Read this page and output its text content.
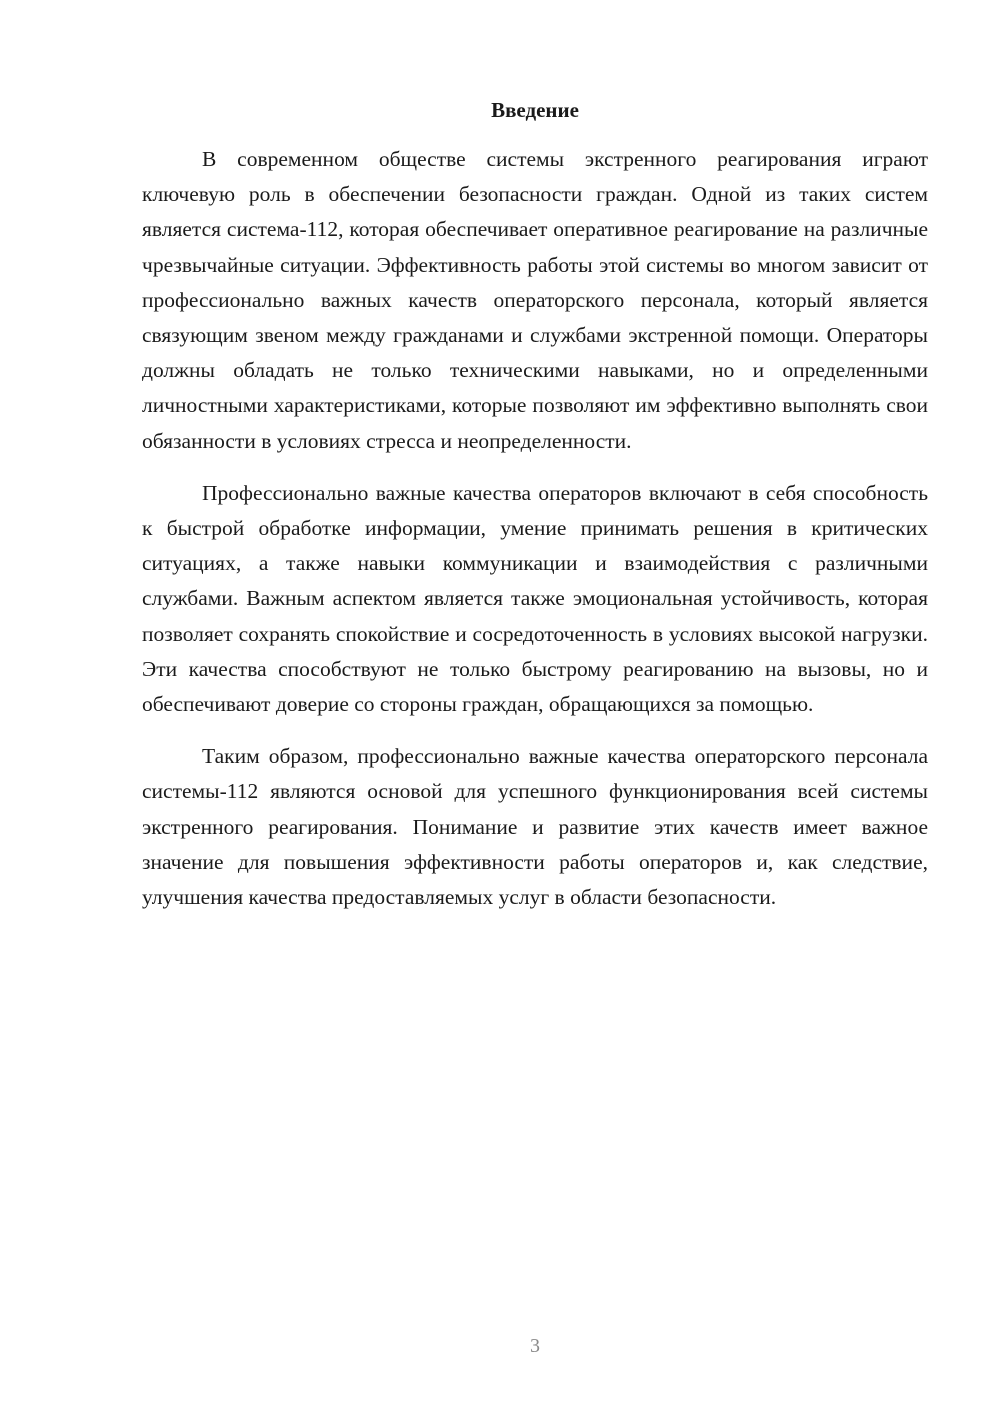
Введение

В современном обществе системы экстренного реагирования играют ключевую роль в обеспечении безопасности граждан. Одной из таких систем является система-112, которая обеспечивает оперативное реагирование на различные чрезвычайные ситуации. Эффективность работы этой системы во многом зависит от профессионально важных качеств операторского персонала, который является связующим звеном между гражданами и службами экстренной помощи. Операторы должны обладать не только техническими навыками, но и определенными личностными характеристиками, которые позволяют им эффективно выполнять свои обязанности в условиях стресса и неопределенности.

Профессионально важные качества операторов включают в себя способность к быстрой обработке информации, умение принимать решения в критических ситуациях, а также навыки коммуникации и взаимодействия с различными службами. Важным аспектом является также эмоциональная устойчивость, которая позволяет сохранять спокойствие и сосредоточенность в условиях высокой нагрузки. Эти качества способствуют не только быстрому реагированию на вызовы, но и обеспечивают доверие со стороны граждан, обращающихся за помощью.

Таким образом, профессионально важные качества операторского персонала системы-112 являются основой для успешного функционирования всей системы экстренного реагирования. Понимание и развитие этих качеств имеет важное значение для повышения эффективности работы операторов и, как следствие, улучшения качества предоставляемых услуг в области безопасности.

3
